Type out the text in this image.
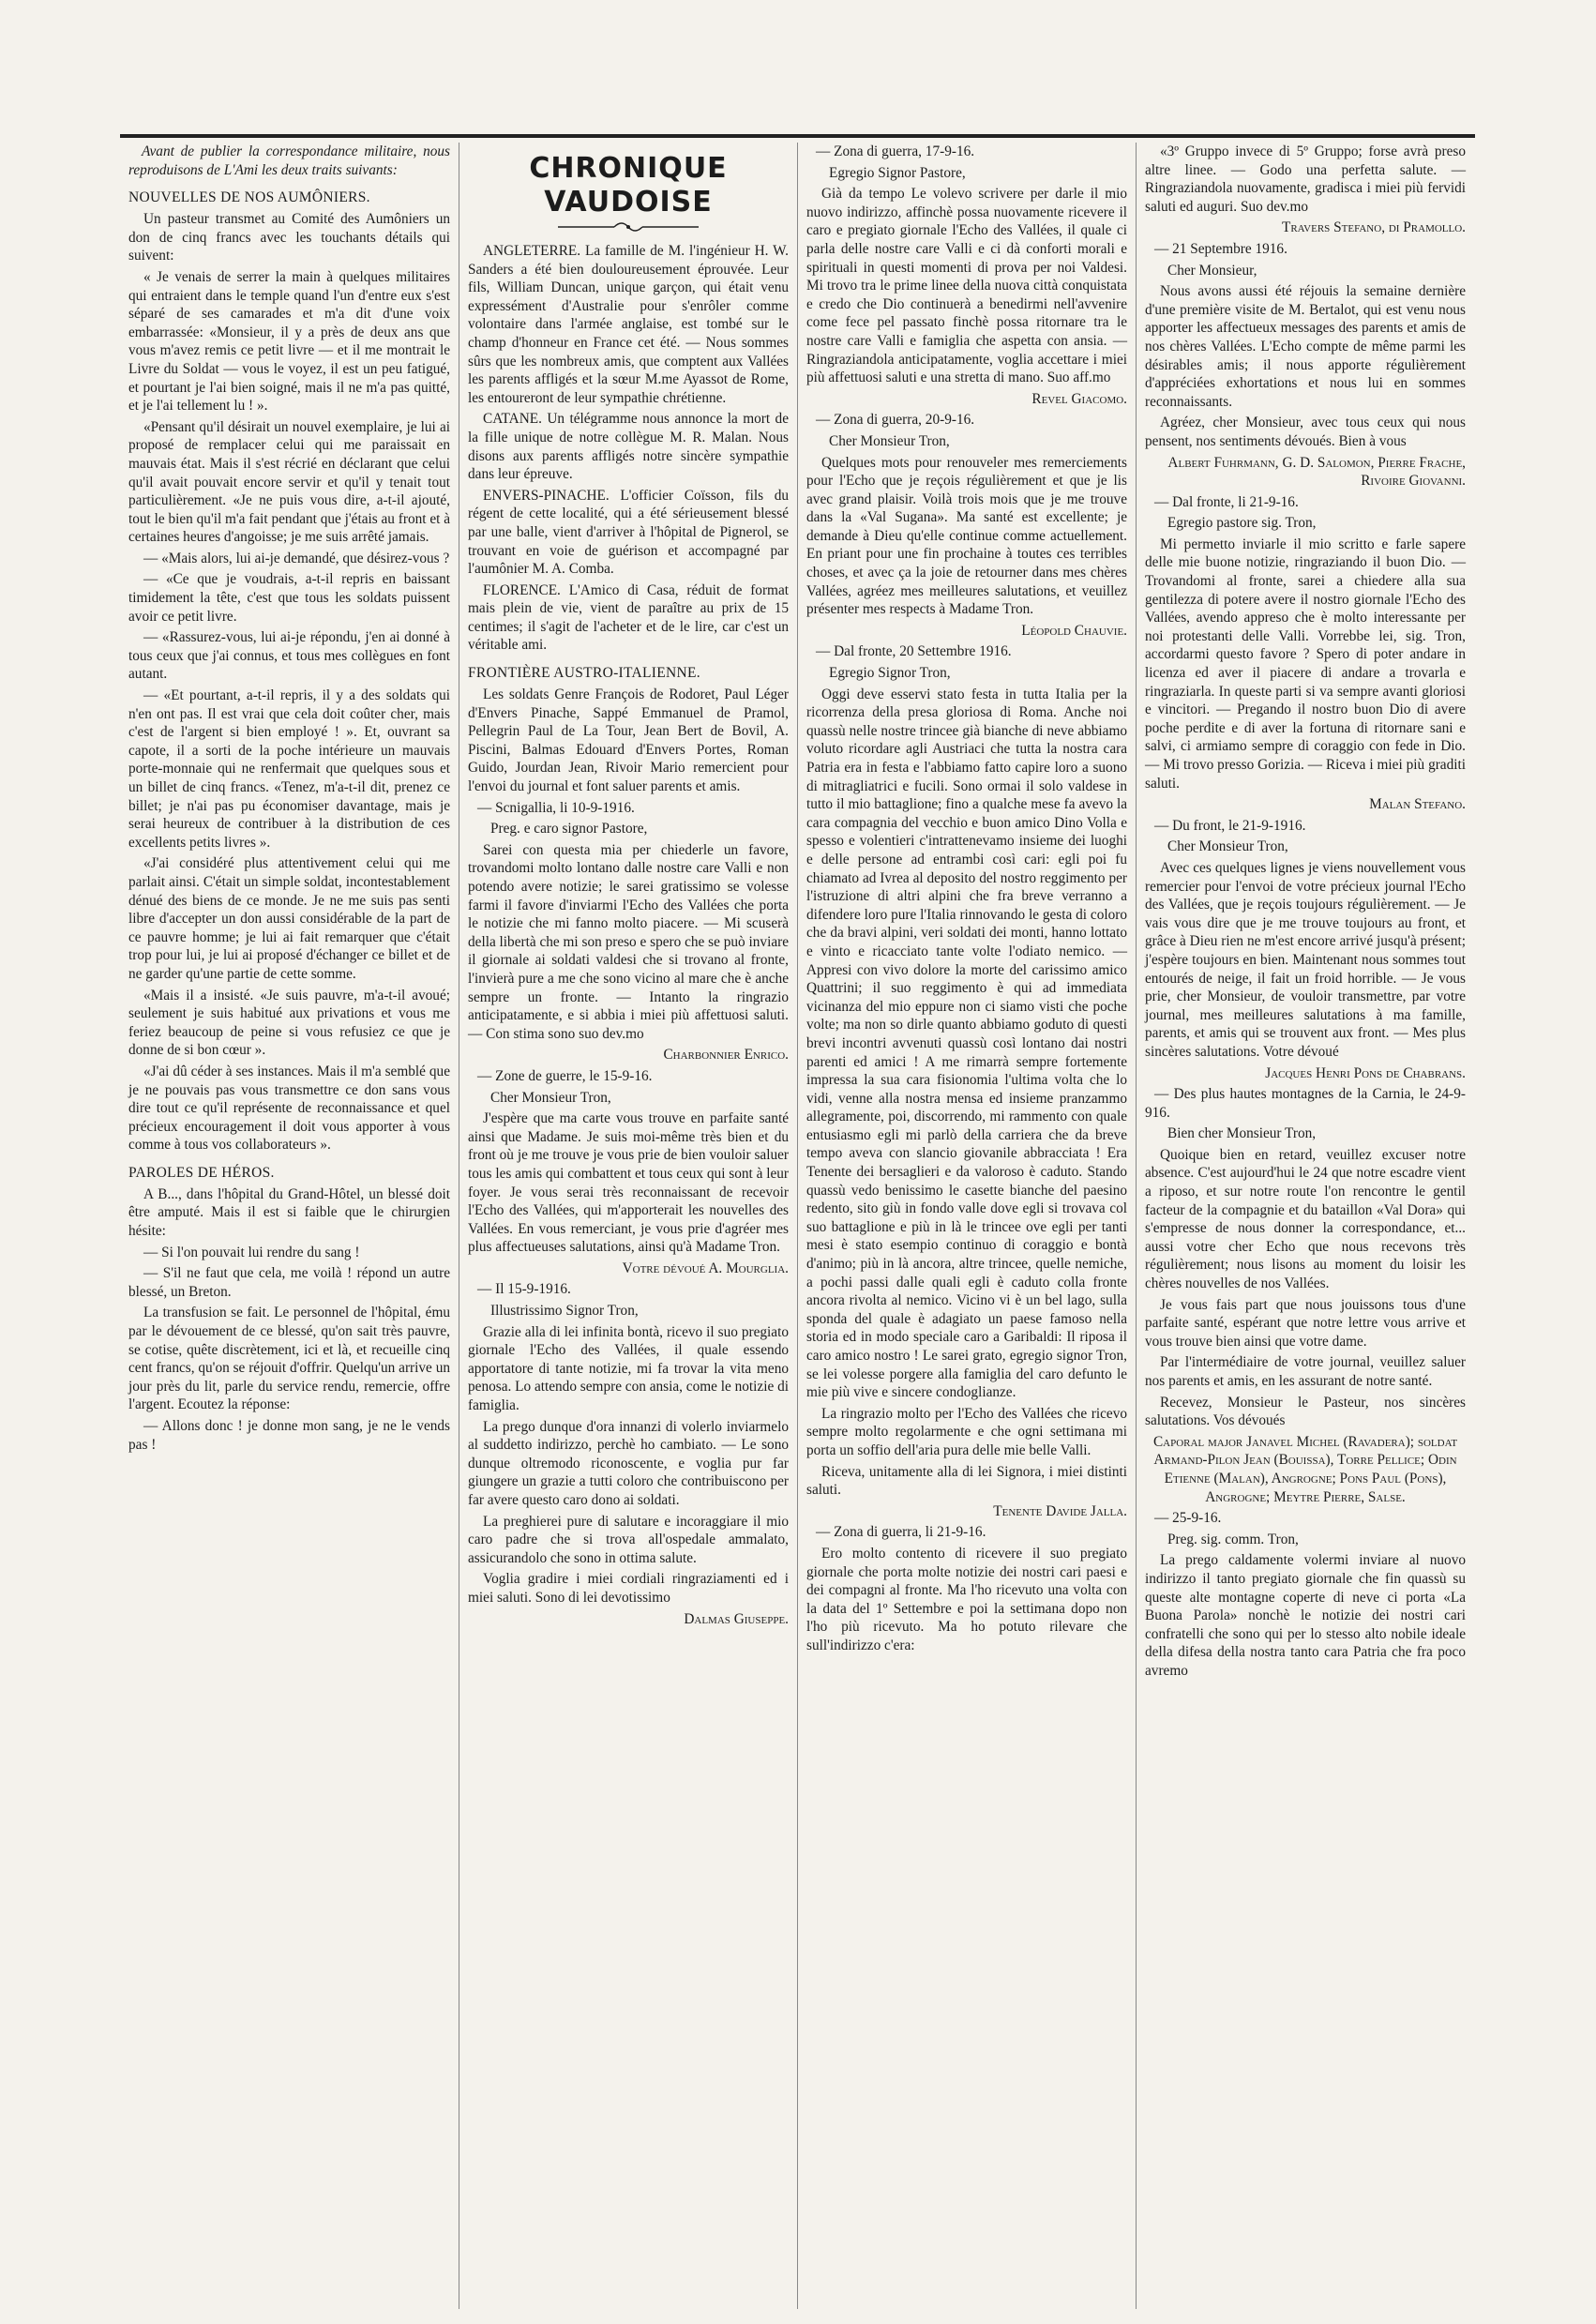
Avant de publier la correspondance militaire, nous reproduisons de L'Ami les deux traits suivants:

NOUVELLES DE NOS AUMÔNIERS.

Un pasteur transmet au Comité des Aumôniers un don de cinq francs avec les touchants détails qui suivent:

« Je venais de serrer la main à quelques militaires qui entraient dans le temple quand l'un d'entre eux s'est séparé de ses camarades et m'a dit d'une voix embarrassée: «Monsieur, il y a près de deux ans que vous m'avez remis ce petit livre — et il me montrait le Livre du Soldat — vous le voyez, il est un peu fatigué, et pourtant je l'ai bien soigné, mais il ne m'a pas quitté, et je l'ai tellement lu ! ».

«Pensant qu'il désirait un nouvel exemplaire, je lui ai proposé de remplacer celui qui me paraissait en mauvais état. Mais il s'est récrié en déclarant que celui qu'il avait pouvait encore servir et qu'il y tenait tout particulièrement. «Je ne puis vous dire, a-t-il ajouté, tout le bien qu'il m'a fait pendant que j'étais au front et à certaines heures d'angoisse; je me suis arrêté jamais.

— «Mais alors, lui ai-je demandé, que désirez-vous ?

— «Ce que je voudrais, a-t-il repris en baissant timidement la tête, c'est que tous les soldats puissent avoir ce petit livre.

— «Rassurez-vous, lui ai-je répondu, j'en ai donné à tous ceux que j'ai connus, et tous mes collègues en font autant.

— «Et pourtant, a-t-il repris, il y a des soldats qui n'en ont pas. Il est vrai que cela doit coûter cher, mais c'est de l'argent si bien employé ! ». Et, ouvrant sa capote, il a sorti de la poche intérieure un mauvais porte-monnaie qui ne renfermait que quelques sous et un billet de cinq francs. «Tenez, m'a-t-il dit, prenez ce billet; je n'ai pas pu économiser davantage, mais je serai heureux de contribuer à la distribution de ces excellents petits livres ».

«J'ai considéré plus attentivement celui qui me parlait ainsi. C'était un simple soldat, incontestablement dénué des biens de ce monde. Je ne me suis pas senti libre d'accepter un don aussi considérable de la part de ce pauvre homme; je lui ai fait remarquer que c'était trop pour lui, je lui ai proposé d'échanger ce billet et de ne garder qu'une partie de cette somme.

«Mais il a insisté. «Je suis pauvre, m'a-t-il avoué; seulement je suis habitué aux privations et vous me feriez beaucoup de peine si vous refusiez ce que je donne de si bon cœur ».

«J'ai dû céder à ses instances. Mais il m'a semblé que je ne pouvais pas vous transmettre ce don sans vous dire tout ce qu'il représente de reconnaissance et quel précieux encouragement il doit vous apporter à vous comme à tous vos collaborateurs ».

PAROLES DE HÉROS.

A B..., dans l'hôpital du Grand-Hôtel, un blessé doit être amputé. Mais il est si faible que le chirurgien hésite:

— Si l'on pouvait lui rendre du sang !

— S'il ne faut que cela, me voilà ! répond un autre blessé, un Breton.

La transfusion se fait. Le personnel de l'hôpital, ému par le dévouement de ce blessé, qu'on sait très pauvre, se cotise, quête discrètement, ici et là, et recueille cinq cent francs, qu'on se réjouit d'offrir. Quelqu'un arrive un jour près du lit, parle du service rendu, remercie, offre l'argent. Ecoutez la réponse:

— Allons donc ! je donne mon sang, je ne le vends pas !

CHRONIQUE VAUDOISE

ANGLETERRE. La famille de M. l'ingénieur H. W. Sanders a été bien douloureusement éprouvée. Leur fils, William Duncan, unique garçon, qui était venu expressément d'Australie pour s'enrôler comme volontaire dans l'armée anglaise, est tombé sur le champ d'honneur en France cet été. — Nous sommes sûrs que les nombreux amis, que comptent aux Vallées les parents affligés et la sœur M.me Ayassot de Rome, les entoureront de leur sympathie chrétienne.

CATANE. Un télégramme nous annonce la mort de la fille unique de notre collègue M. R. Malan. Nous disons aux parents affligés notre sincère sympathie dans leur épreuve.

ENVERS-PINACHE. L'officier Coïsson, fils du régent de cette localité, qui a été sérieusement blessé par une balle, vient d'arriver à l'hôpital de Pignerol, se trouvant en voie de guérison et accompagné par l'aumônier M. A. Comba.

FLORENCE. L'Amico di Casa, réduit de format mais plein de vie, vient de paraître au prix de 15 centimes; il s'agit de l'acheter et de le lire, car c'est un véritable ami.

FRONTIÈRE AUSTRO-ITALIENNE.

Les soldats Genre François de Rodoret, Paul Léger d'Envers Pinache, Sappé Emmanuel de Pramol, Pellegrin Paul de La Tour, Jean Bert de Bovil, A. Piscini, Balmas Edouard d'Envers Portes, Roman Guido, Jourdan Jean, Rivoir Mario remercient pour l'envoi du journal et font saluer parents et amis.

— Scnigallia, li 10-9-1916.

Preg. e caro signor Pastore,

Sarei con questa mia per chiederle un favore, trovandomi molto lontano dalle nostre care Valli e non potendo avere notizie; le sarei gratissimo se volesse farmi il favore d'inviarmi l'Echo des Vallées che porta le notizie che mi fanno molto piacere. — Mi scuserà della libertà che mi son preso e spero che se può inviare il giornale ai soldati valdesi che si trovano al fronte, l'invierà pure a me che sono vicino al mare che è anche sempre un fronte. — Intanto la ringrazio anticipatamente, e si abbia i miei più affettuosi saluti. — Con stima sono suo dev.mo

Charbonnier Enrico.

— Zone de guerre, le 15-9-16.

Cher Monsieur Tron,

J'espère que ma carte vous trouve en parfaite santé ainsi que Madame. Je suis moi-même très bien et du front où je me trouve je vous prie de bien vouloir saluer tous les amis qui combattent et tous ceux qui sont à leur foyer. Je vous serai très reconnaissant de recevoir l'Echo des Vallées, qui m'apporterait les nouvelles des Vallées. En vous remerciant, je vous prie d'agréer mes plus affectueuses salutations, ainsi qu'à Madame Tron.

Votre dévoué A. Mourglia.

— Il 15-9-1916.

Illustrissimo Signor Tron,

Grazie alla di lei infinita bontà, ricevo il suo pregiato giornale l'Echo des Vallées, il quale essendo apportatore di tante notizie, mi fa trovar la vita meno penosa. Lo attendo sempre con ansia, come le notizie di famiglia.

La prego dunque d'ora innanzi di volerlo inviarmelo al suddetto indirizzo, perchè ho cambiato. — Le sono dunque oltremodo riconoscente, e voglia pur far giungere un grazie a tutti coloro che contribuiscono per far avere questo caro dono ai soldati.

La preghierei pure di salutare e incoraggiare il mio caro padre che si trova all'ospedale ammalato, assicurandolo che sono in ottima salute.

Voglia gradire i miei cordiali ringraziamenti ed i miei saluti. Sono di lei devotissimo

Dalmas Giuseppe.

— Zona di guerra, 17-9-16.

Egregio Signor Pastore,

Già da tempo Le volevo scrivere per darle il mio nuovo indirizzo, affinchè possa nuovamente ricevere il caro e pregiato giornale l'Echo des Vallées, il quale ci parla delle nostre care Valli e ci dà conforti morali e spirituali in questi momenti di prova per noi Valdesi. Mi trovo tra le prime linee della nuova città conquistata e credo che Dio continuerà a benedirmi nell'avvenire come fece pel passato finchè possa ritornare tra le nostre care Valli e famiglia che aspetta con ansia. — Ringraziandola anticipatamente, voglia accettare i miei più affettuosi saluti e una stretta di mano. Suo aff.mo

Revel Giacomo.

— Zona di guerra, 20-9-16.

Cher Monsieur Tron,

Quelques mots pour renouveler mes remerciements pour l'Echo que je reçois régulièrement et que je lis avec grand plaisir. Voilà trois mois que je me trouve dans la «Val Sugana». Ma santé est excellente; je demande à Dieu qu'elle continue comme actuellement. En priant pour une fin prochaine à toutes ces terribles choses, et avec ça la joie de retourner dans mes chères Vallées, agréez mes meilleures salutations, et veuillez présenter mes respects à Madame Tron.

Léopold Chauvie.

— Dal fronte, 20 Settembre 1916.

Egregio Signor Tron,

Oggi deve esservi stato festa in tutta Italia per la ricorrenza della presa gloriosa di Roma. Anche noi quassù nelle nostre trincee già bianche di neve abbiamo voluto ricordare agli Austriaci che tutta la nostra cara Patria era in festa e l'abbiamo fatto capire loro a suono di mitragliatrici e fucili. Sono ormai il solo valdese in tutto il mio battaglione; fino a qualche mese fa avevo la cara compagnia del vecchio e buon amico Dino Volla e spesso e volentieri c'intrattenevamo insieme dei luoghi e delle persone ad entrambi così cari: egli poi fu chiamato ad Ivrea al deposito del nostro reggimento per l'istruzione di altri alpini che fra breve verranno a difendere loro pure l'Italia rinnovando le gesta di coloro che da bravi alpini, veri soldati dei monti, hanno lottato e vinto e ricacciato tante volte l'odiato nemico. — Appresi con vivo dolore la morte del carissimo amico Quattrini; il suo reggimento è qui ad immediata vicinanza del mio eppure non ci siamo visti che poche volte; ma non so dirle quanto abbiamo goduto di questi brevi incontri avvenuti quassù così lontano dai nostri parenti ed amici ! A me rimarrà sempre fortemente impressa la sua cara fisionomia l'ultima volta che lo vidi, venne alla nostra mensa ed insieme pranzammo allegramente, poi, discorrendo, mi rammento con quale entusiasmo egli mi parlò della carriera che da breve tempo aveva con slancio giovanile abbracciata ! Era Tenente dei bersaglieri e da valoroso è caduto. Stando quassù vedo benissimo le casette bianche del paesino redento, sito giù in fondo valle dove egli si trovava col suo battaglione e più in là le trincee ove egli per tanti mesi è stato esempio continuo di coraggio e bontà d'animo; più in là ancora, altre trincee, quelle nemiche, a pochi passi dalle quali egli è caduto colla fronte ancora rivolta al nemico. Vicino vi è un bel lago, sulla sponda del quale è adagiato un paese famoso nella storia ed in modo speciale caro a Garibaldi: Il riposa il caro amico nostro ! Le sarei grato, egregio signor Tron, se lei volesse porgere alla famiglia del caro defunto le mie più vive e sincere condoglianze.

La ringrazio molto per l'Echo des Vallées che ricevo sempre molto regolarmente e che ogni settimana mi porta un soffio dell'aria pura delle mie belle Valli.

Riceva, unitamente alla di lei Signora, i miei distinti saluti.

Tenente Davide Jalla.

— Zona di guerra, li 21-9-16.

Ero molto contento di ricevere il suo pregiato giornale che porta molte notizie dei nostri cari paesi e dei compagni al fronte. Ma l'ho ricevuto una volta con la data del 1º Settembre e poi la settimana dopo non l'ho più ricevuto. Ma ho potuto rilevare che sull'indirizzo c'era:

«3º Gruppo invece di 5º Gruppo; forse avrà preso altre linee. — Godo una perfetta salute. — Ringraziandola nuovamente, gradisca i miei più fervidi saluti ed auguri. Suo dev.mo

Travers Stefano, di Pramollo.

— 21 Septembre 1916.

Cher Monsieur,

Nous avons aussi été réjouis la semaine dernière d'une première visite de M. Bertalot, qui est venu nous apporter les affectueux messages des parents et amis de nos chères Vallées. L'Echo compte de même parmi les désirables amis; il nous apporte régulièrement d'appréciées exhortations et nous lui en sommes reconnaissants.

Agréez, cher Monsieur, avec tous ceux qui nous pensent, nos sentiments dévoués. Bien à vous

Albert Fuhrmann, G. D. Salomon, Pierre Frache, Rivoire Giovanni.

— Dal fronte, li 21-9-16.

Egregio pastore sig. Tron,

Mi permetto inviarle il mio scritto e farle sapere delle mie buone notizie, ringraziando il buon Dio. — Trovandomi al fronte, sarei a chiedere alla sua gentilezza di potere avere il nostro giornale l'Echo des Vallées, avendo appreso che è molto interessante per noi protestanti delle Valli. Vorrebbe lei, sig. Tron, accordarmi questo favore ? Spero di poter andare in licenza ed aver il piacere di andare a trovarla e ringraziarla. In queste parti si va sempre avanti gloriosi e vincitori. — Pregando il nostro buon Dio di avere poche perdite e di aver la fortuna di ritornare sani e salvi, ci armiamo sempre di coraggio con fede in Dio. — Mi trovo presso Gorizia. — Riceva i miei più graditi saluti.

Malan Stefano.

— Du front, le 21-9-1916.

Cher Monsieur Tron,

Avec ces quelques lignes je viens nouvellement vous remercier pour l'envoi de votre précieux journal l'Echo des Vallées, que je reçois toujours régulièrement. — Je vais vous dire que je me trouve toujours au front, et grâce à Dieu rien ne m'est encore arrivé jusqu'à présent; j'espère toujours en bien. Maintenant nous sommes tout entourés de neige, il fait un froid horrible. — Je vous prie, cher Monsieur, de vouloir transmettre, par votre journal, mes meilleures salutations à ma famille, parents, et amis qui se trouvent aux front. — Mes plus sincères salutations. Votre dévoué

Jacques Henri Pons de Chabrans.

— Des plus hautes montagnes de la Carnia, le 24-9-916.

Bien cher Monsieur Tron,

Quoique bien en retard, veuillez excuser notre absence. C'est aujourd'hui le 24 que notre escadre vient a riposo, et sur notre route l'on rencontre le gentil facteur de la compagnie et du bataillon «Val Dora» qui s'empresse de nous donner la correspondance, et... aussi votre cher Echo que nous recevons très régulièrement; nous lisons au moment du loisir les chères nouvelles de nos Vallées.

Je vous fais part que nous jouissons tous d'une parfaite santé, espérant que notre lettre vous arrive et vous trouve bien ainsi que votre dame.

Par l'intermédiaire de votre journal, veuillez saluer nos parents et amis, en les assurant de notre santé.

Recevez, Monsieur le Pasteur, nos sincères salutations. Vos dévoués

Caporal major Janavel Michel (Ravadera); soldat Armand-Pilon Jean (Bouissa), Torre Pellice; Odin Etienne (Malan), Angrogne; Pons Paul (Pons), Angrogne; Meytre Pierre, Salse.

— 25-9-16.

Preg. sig. comm. Tron,

La prego caldamente volermi inviare al nuovo indirizzo il tanto pregiato giornale che fin quassù su queste alte montagne coperte di neve ci porta «La Buona Parola» nonchè le notizie dei nostri cari confratelli che sono qui per lo stesso alto nobile ideale della difesa della nostra tanto cara Patria che fra poco avremo
